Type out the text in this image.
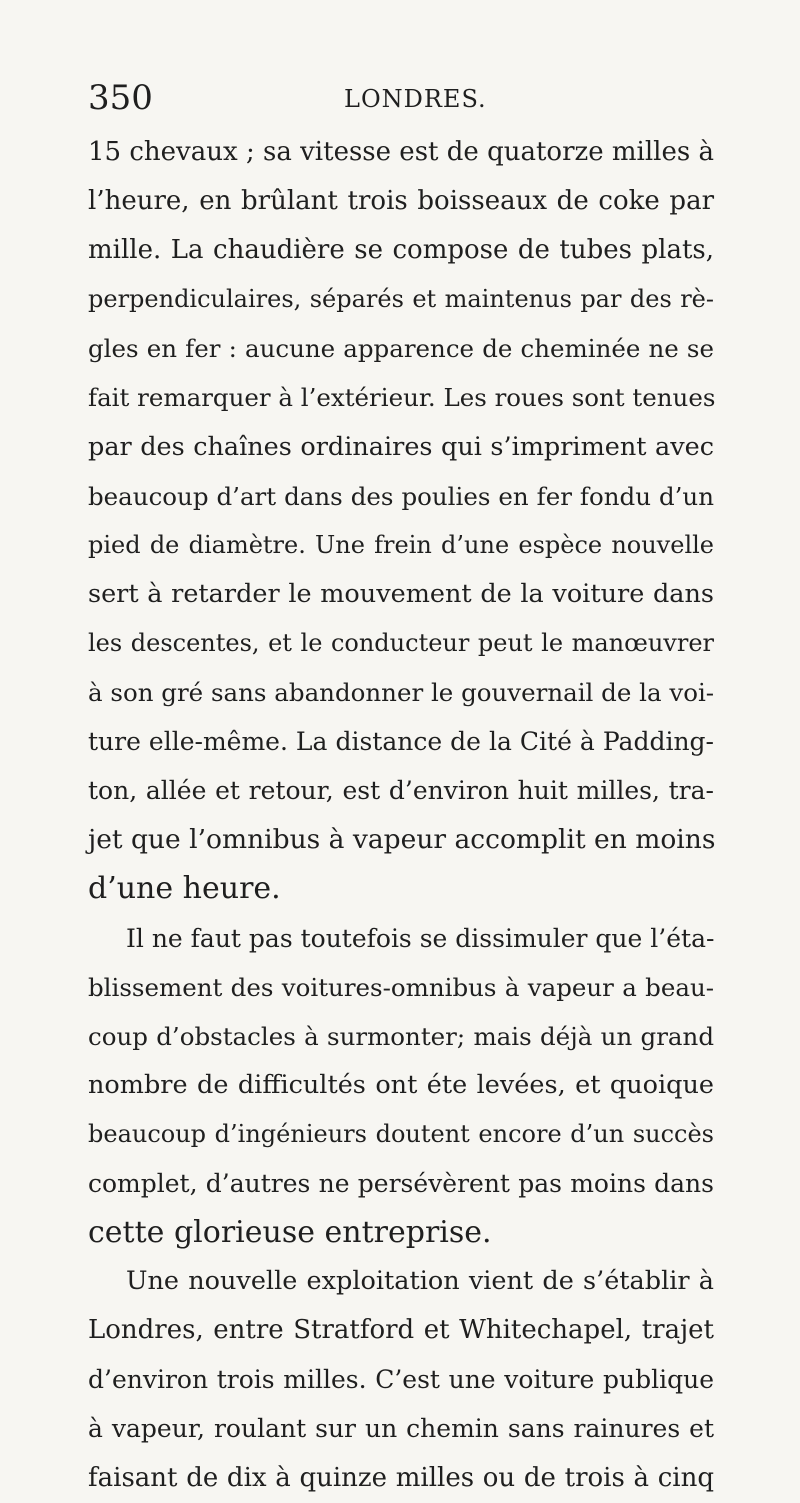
350	LONDRES.
15 chevaux ; sa vitesse est de quatorze milles à
l’heure, en brûlant trois boisseaux de coke par
mille. La chaudière se compose de tubes plats,
perpendiculaires, séparés et maintenus par des rè-
gles en fer : aucune apparence de cheminée ne se
fait remarquer à l’extérieur. Les roues sont tenues
par des chaînes ordinaires qui s’impriment avec
beaucoup d’art dans des poulies en fer fondu d’un
pied de diamètre. Une frein d’une espèce nouvelle
sert à retarder le mouvement de la voiture dans
les descentes, et le conducteur peut le manœuvrer
à son gré sans abandonner le gouvernail de la voi-
ture elle-même. La distance de la Cité à Padding-
ton, allée et retour, est d’environ huit milles, tra-
jet que l’omnibus à vapeur accomplit en moins
d’une heure.
Il ne faut pas toutefois se dissimuler que l’éta-
blissement des voitures-omnibus à vapeur a beau-
coup d’obstacles à surmonter; mais déjà un grand
nombre de difficultés ont éte levées, et quoique
beaucoup d’ingénieurs doutent encore d’un succès
complet, d’autres ne persévèrent pas moins dans
cette glorieuse entreprise.
Une nouvelle exploitation vient de s’établir à
Londres, entre Stratford et Whitechapel, trajet
d’environ trois milles. C’est une voiture publique
à vapeur, roulant sur un chemin sans rainures et
faisant de dix à quinze milles ou de trois à cinq
